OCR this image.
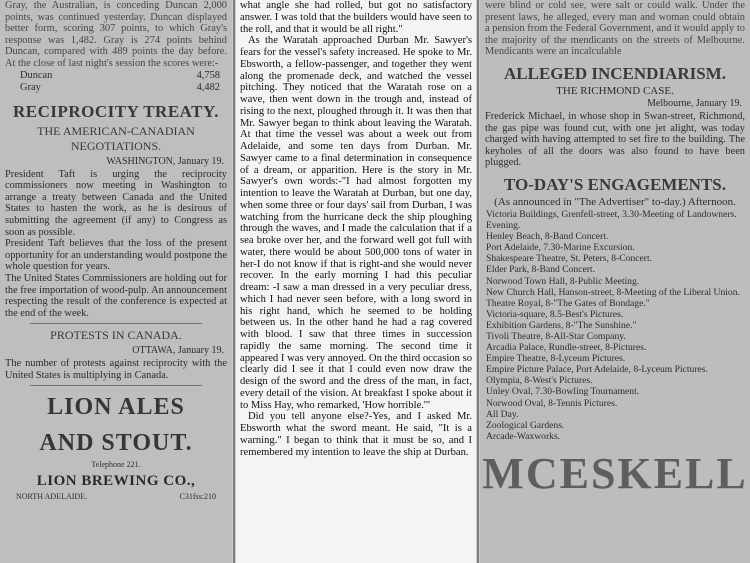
Gray, the Australian, is conceding Duncan 2,000 points, was continued yesterday. Duncan displayed better form, scoring 307 points, to which Gray's response was 1,482. Gray is 274 points behind Duncan, compared with 489 points the day before. At the close of last night's session the scores were:-

Duncan	4,758
Gray	4,482
RECIPROCITY TREATY.
THE AMERICAN-CANADIAN NEGOTIATIONS.
WASHINGTON, January 19.

President Taft is urging the reciprocity commissioners now meeting in Washington to arrange a treaty between Canada and the United States to hasten the work, as he is desirous of submitting the agreement (if any) to Congress as soon as possible.

President Taft believes that the loss of the present opportunity for an understanding would postpone the whole question for years.

The United States Commissioners are holding out for the free importation of wood-pulp. An announcement respecting the result of the conference is expected at the end of the week.

PROTESTS IN CANADA.
OTTAWA, January 19.

The number of protests against reciprocity with the United States is multiplying in Canada.

LION ALES
AND STOUT.
Telephone 221.
LION BREWING CO.,
NORTH ADELAIDE.	C31fss:210

what angle she had rolled, but got no satisfactory answer. I was told that the builders would have seen to the roll, and that it would be all right."

As the Waratah approached Durban Mr. Sawyer's fears for the vessel's safety increased. He spoke to Mr. Ebsworth, a fellow-passenger, and together they went along the promenade deck, and watched the vessel pitching. They noticed that the Waratah rose on a wave, then went down in the trough and, instead of rising to the next, ploughed through it. It was then that Mr. Sawyer began to think about leaving the Waratah. At that time the vessel was about a week out from Adelaide, and some ten days from Durban. Mr. Sawyer came to a final determination in consequence of a dream, or apparition. Here is the story in Mr. Sawyer's own words:-"I had almost forgotten my intention to leave the Waratah at Durban, but one day, when some three or four days' sail from Durban, I was watching from the hurricane deck the ship ploughing through the waves, and I made the calculation that if a sea broke over her, and the forward well got full with water, there would be about 500,000 tons of water in her-I do not know if that is right-and she would never recover. In the early morning I had this peculiar dream: -I saw a man dressed in a very peculiar dress, which I had never seen before, with a long sword in his right hand, which he seemed to be holding between us. In the other hand he had a rag covered with blood. I saw that three times in succession rapidly the same morning. The second time it appeared I was very annoyed. On the third occasion so clearly did I see it that I could even now draw the design of the sword and the dress of the man, in fact, every detail of the vision. At breakfast I spoke about it to Miss Hay, who remarked, 'How horrible.'"

Did you tell anyone else?-Yes, and I asked Mr. Ebsworth what the sword meant. He said, "It is a warning." I began to think that it must be so, and I remembered my intention to leave the ship at Durban.

were blind or cold see, were salt or could walk. Under the present laws, he alleged, every man and woman could obtain a pension from the Federal Government, and it would apply to the majority of the mendicants on the streets of Melbourne. Mendicants were an incalculable

ALLEGED INCENDIARISM.
THE RICHMOND CASE.
Melbourne, January 19.

Frederick Michael, in whose shop in Swan-street, Richmond, the gas pipe was found cut, with one jet alight, was today charged with having attempted to set fire to the building. The keyholes of all the doors was also found to have been plugged.

TO-DAY'S ENGAGEMENTS.
(As announced in "The Advertiser" to-day.) Afternoon.

Victoria Buildings, Grenfell-street, 3.30-Meeting of Landowners.

Evening.

Henley Beach, 8-Band Concert.

Port Adelaide, 7.30-Marine Excursion.

Shakespeare Theatre, St. Peters, 8-Concert.

Elder Park, 8-Band Concert.

Norwood Town Hall, 8-Public Meeting.

New Church Hall, Hanson-street, 8-Meeting of the Liberal Union.

Theatre Royal, 8-"The Gates of Bondage."

Victoria-square, 8.5-Best's Pictures.

Exhibition Gardens, 8-"The Sunshine."

Tivoli Theatre, 8-All-Star Company.

Arcadia Palace, Rundle-street, 8-Pictures.

Empire Theatre, 8-Lyceum Pictures.

Empire Picture Palace, Port Adelaide, 8-Lyceum Pictures.

Olympia, 8-West's Pictures.

Unley Oval, 7.30-Bowling Tournament.

Norwood Oval, 8-Tennis Pictures.

All Day.

Zoological Gardens.

Arcade-Waxworks.

MCESKELL
